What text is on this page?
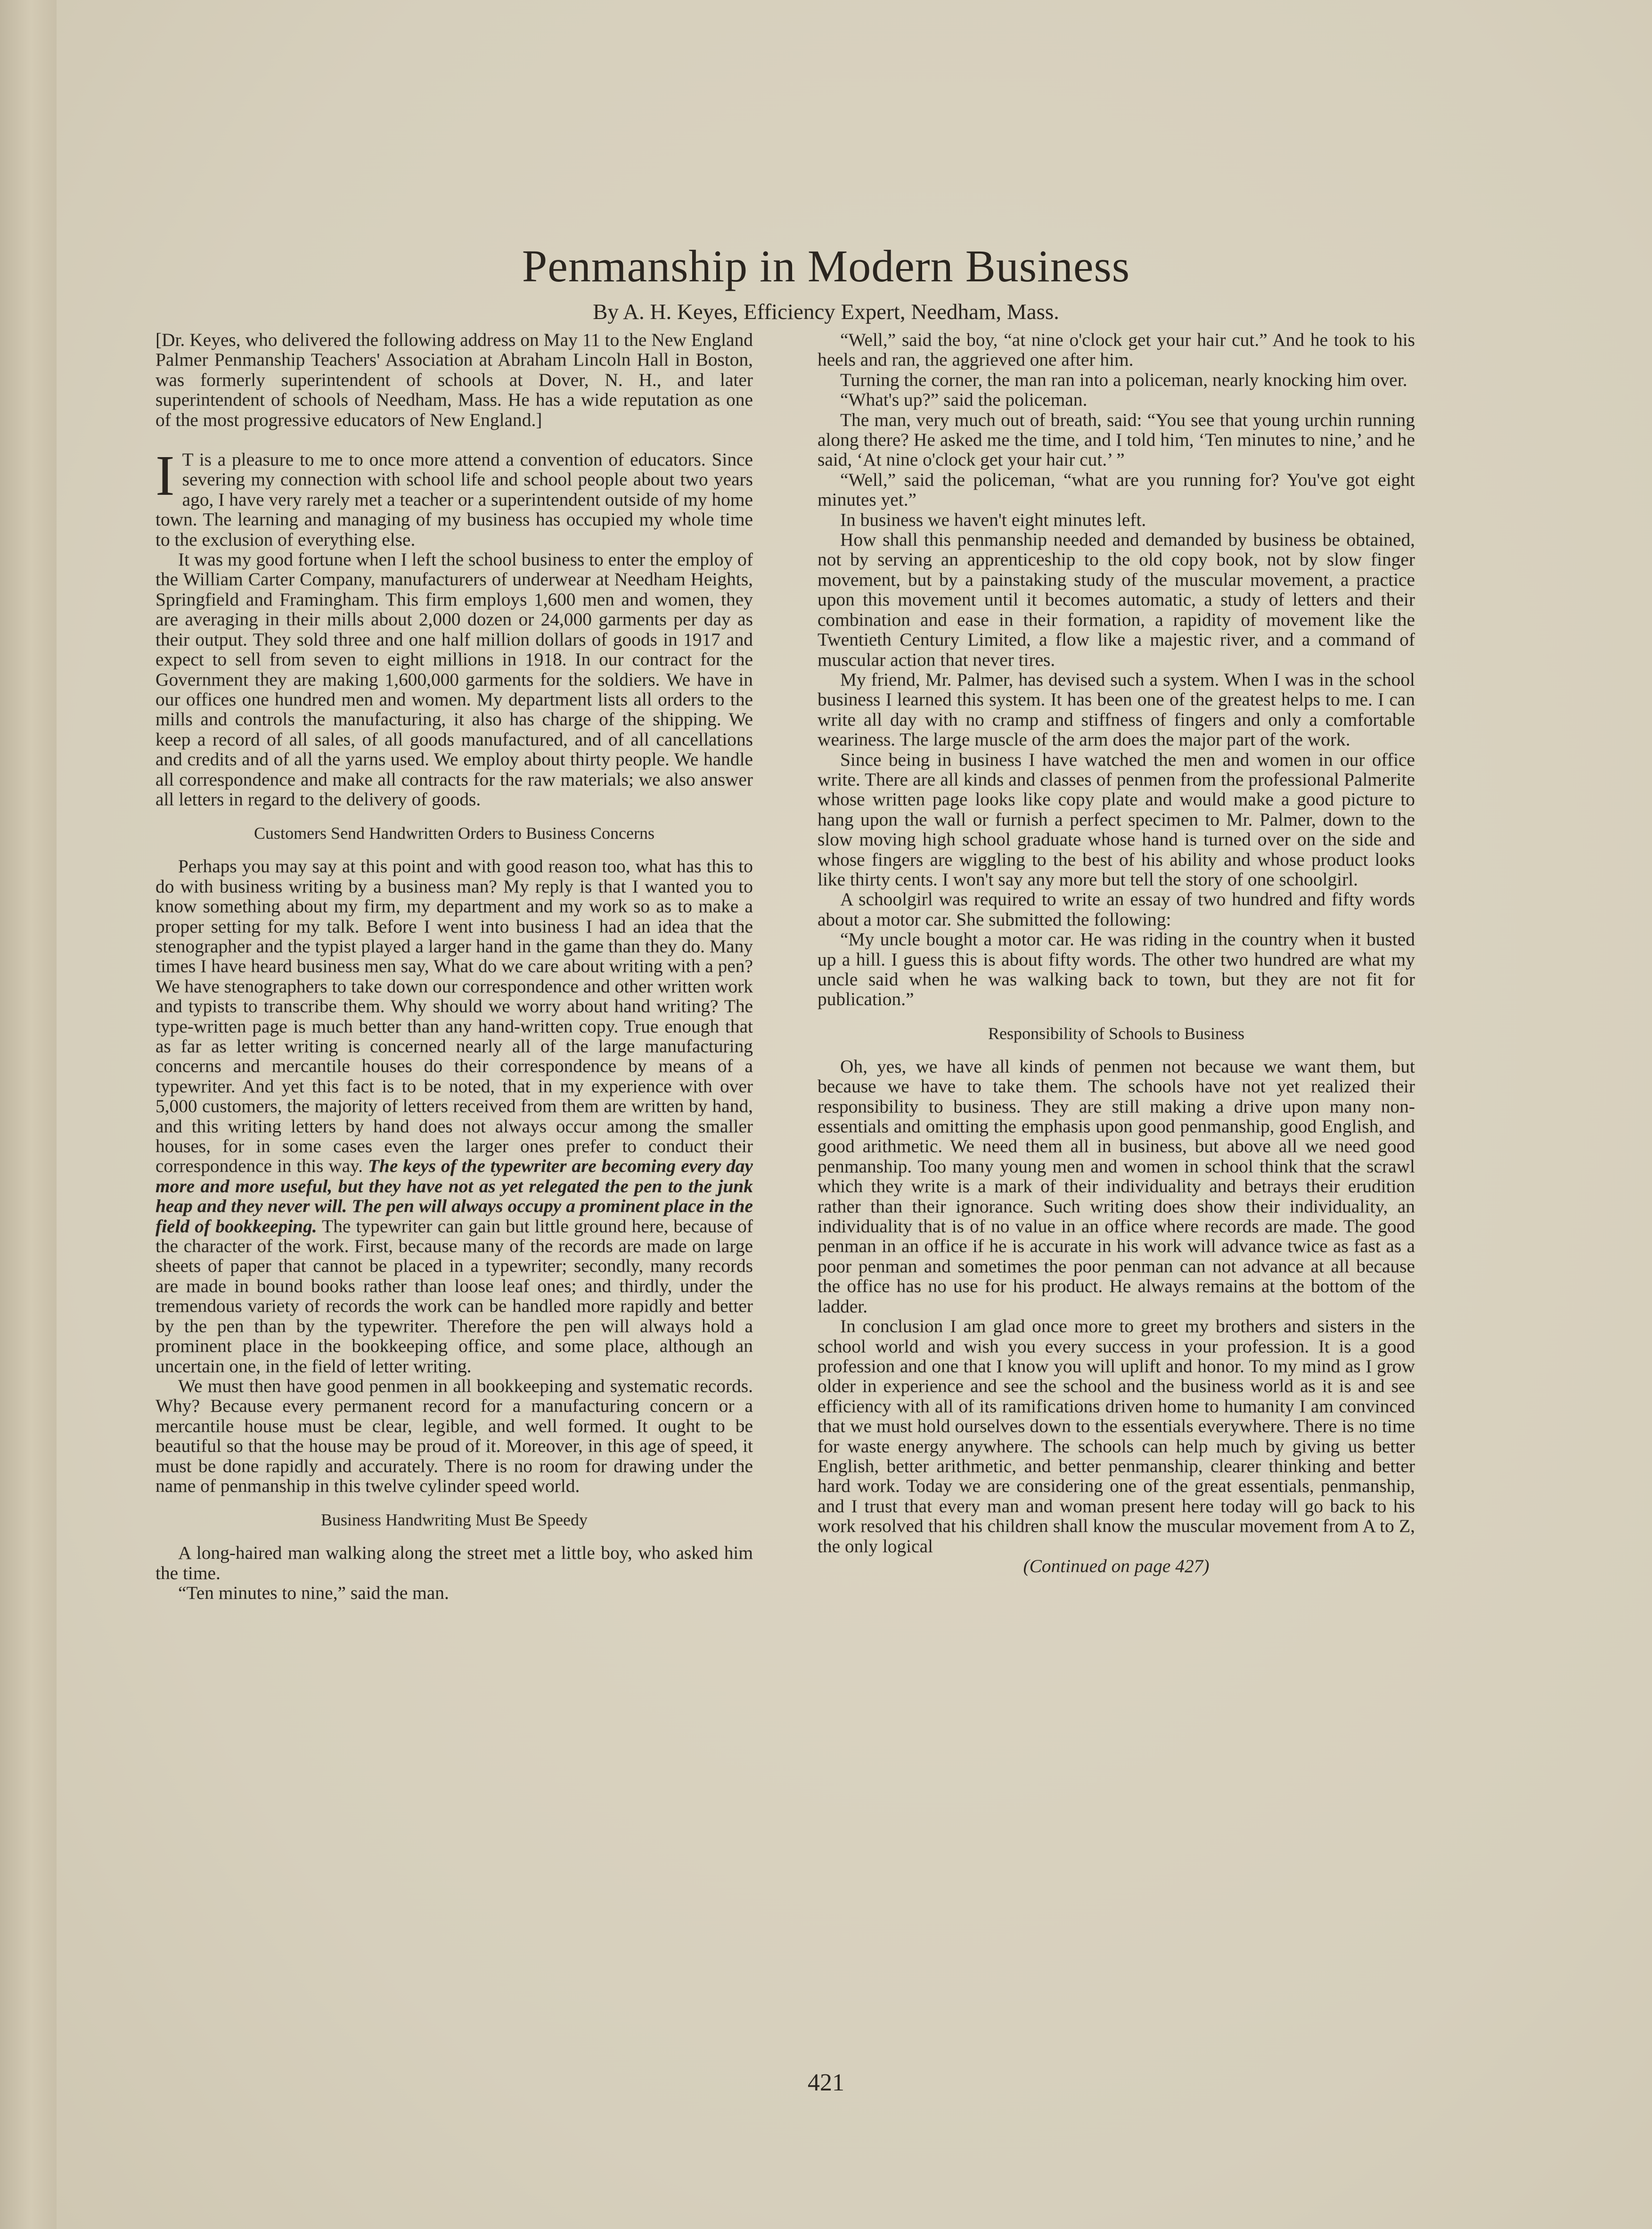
Penmanship in Modern Business
By A. H. Keyes, Efficiency Expert, Needham, Mass.

[Dr. Keyes, who delivered the following address on May 11 to the New England Palmer Penmanship Teachers' Association at Abraham Lincoln Hall in Boston, was formerly superintendent of schools at Dover, N. H., and later superintendent of schools of Needham, Mass. He has a wide reputation as one of the most progressive educators of New England.]

I T is a pleasure to me to once more attend a convention of educators. Since severing my connection with school life and school people about two years ago, I have very rarely met a teacher or a superintendent outside of my home town. The learning and managing of my business has occupied my whole time to the exclusion of everything else.

It was my good fortune when I left the school business to enter the employ of the William Carter Company, manufacturers of underwear at Needham Heights, Springfield and Framingham. This firm employs 1,600 men and women, they are averaging in their mills about 2,000 dozen or 24,000 garments per day as their output. They sold three and one half million dollars of goods in 1917 and expect to sell from seven to eight millions in 1918. In our contract for the Government they are making 1,600,000 garments for the soldiers. We have in our offices one hundred men and women. My department lists all orders to the mills and controls the manufacturing, it also has charge of the shipping. We keep a record of all sales, of all goods manufactured, and of all cancellations and credits and of all the yarns used. We employ about thirty people. We handle all correspondence and make all contracts for the raw materials; we also answer all letters in regard to the delivery of goods.

Customers Send Handwritten Orders to Business Concerns

Perhaps you may say at this point and with good reason too, what has this to do with business writing by a business man? My reply is that I wanted you to know something about my firm, my department and my work so as to make a proper setting for my talk. Before I went into business I had an idea that the stenographer and the typist played a larger hand in the game than they do. Many times I have heard business men say, What do we care about writing with a pen? We have stenographers to take down our correspondence and other written work and typists to transcribe them. Why should we worry about hand writing? The type-written page is much better than any hand-written copy. True enough that as far as letter writing is concerned nearly all of the large manufacturing concerns and mercantile houses do their correspondence by means of a typewriter. And yet this fact is to be noted, that in my experience with over 5,000 customers, the majority of letters received from them are written by hand, and this writing letters by hand does not always occur among the smaller houses, for in some cases even the larger ones prefer to conduct their correspondence in this way. The keys of the typewriter are becoming every day more and more useful, but they have not as yet relegated the pen to the junk heap and they never will. The pen will always occupy a prominent place in the field of bookkeeping. The typewriter can gain but little ground here, because of the character of the work. First, because many of the records are made on large sheets of paper that cannot be placed in a typewriter; secondly, many records are made in bound books rather than loose leaf ones; and thirdly, under the tremendous variety of records the work can be handled more rapidly and better by the pen than by the typewriter. Therefore the pen will always hold a prominent place in the bookkeeping office, and some place, although an uncertain one, in the field of letter writing.

We must then have good penmen in all bookkeeping and systematic records. Why? Because every permanent record for a manufacturing concern or a mercantile house must be clear, legible, and well formed. It ought to be beautiful so that the house may be proud of it. Moreover, in this age of speed, it must be done rapidly and accurately. There is no room for drawing under the name of penmanship in this twelve cylinder speed world.

Business Handwriting Must Be Speedy

A long-haired man walking along the street met a little boy, who asked him the time.

“Ten minutes to nine,” said the man.

“Well,” said the boy, “at nine o'clock get your hair cut.” And he took to his heels and ran, the aggrieved one after him.

Turning the corner, the man ran into a policeman, nearly knocking him over.

“What's up?” said the policeman.

The man, very much out of breath, said: “You see that young urchin running along there? He asked me the time, and I told him, ‘Ten minutes to nine,’ and he said, ‘At nine o'clock get your hair cut.’ ”

“Well,” said the policeman, “what are you running for? You've got eight minutes yet.”

In business we haven't eight minutes left.

How shall this penmanship needed and demanded by business be obtained, not by serving an apprenticeship to the old copy book, not by slow finger movement, but by a painstaking study of the muscular movement, a practice upon this movement until it becomes automatic, a study of letters and their combination and ease in their formation, a rapidity of movement like the Twentieth Century Limited, a flow like a majestic river, and a command of muscular action that never tires.

My friend, Mr. Palmer, has devised such a system. When I was in the school business I learned this system. It has been one of the greatest helps to me. I can write all day with no cramp and stiffness of fingers and only a comfortable weariness. The large muscle of the arm does the major part of the work.

Since being in business I have watched the men and women in our office write. There are all kinds and classes of penmen from the professional Palmerite whose written page looks like copy plate and would make a good picture to hang upon the wall or furnish a perfect specimen to Mr. Palmer, down to the slow moving high school graduate whose hand is turned over on the side and whose fingers are wiggling to the best of his ability and whose product looks like thirty cents. I won't say any more but tell the story of one schoolgirl.

A schoolgirl was required to write an essay of two hundred and fifty words about a motor car. She submitted the following:

“My uncle bought a motor car. He was riding in the country when it busted up a hill. I guess this is about fifty words. The other two hundred are what my uncle said when he was walking back to town, but they are not fit for publication.”

Responsibility of Schools to Business

Oh, yes, we have all kinds of penmen not because we want them, but because we have to take them. The schools have not yet realized their responsibility to business. They are still making a drive upon many non-essentials and omitting the emphasis upon good penmanship, good English, and good arithmetic. We need them all in business, but above all we need good penmanship. Too many young men and women in school think that the scrawl which they write is a mark of their individuality and betrays their erudition rather than their ignorance. Such writing does show their individuality, an individuality that is of no value in an office where records are made. The good penman in an office if he is accurate in his work will advance twice as fast as a poor penman and sometimes the poor penman can not advance at all because the office has no use for his product. He always remains at the bottom of the ladder.

In conclusion I am glad once more to greet my brothers and sisters in the school world and wish you every success in your profession. It is a good profession and one that I know you will uplift and honor. To my mind as I grow older in experience and see the school and the business world as it is and see efficiency with all of its ramifications driven home to humanity I am convinced that we must hold ourselves down to the essentials everywhere. There is no time for waste energy anywhere. The schools can help much by giving us better English, better arithmetic, and better penmanship, clearer thinking and better hard work. Today we are considering one of the great essentials, penmanship, and I trust that every man and woman present here today will go back to his work resolved that his children shall know the muscular movement from A to Z, the only logical

(Continued on page 427)

421
